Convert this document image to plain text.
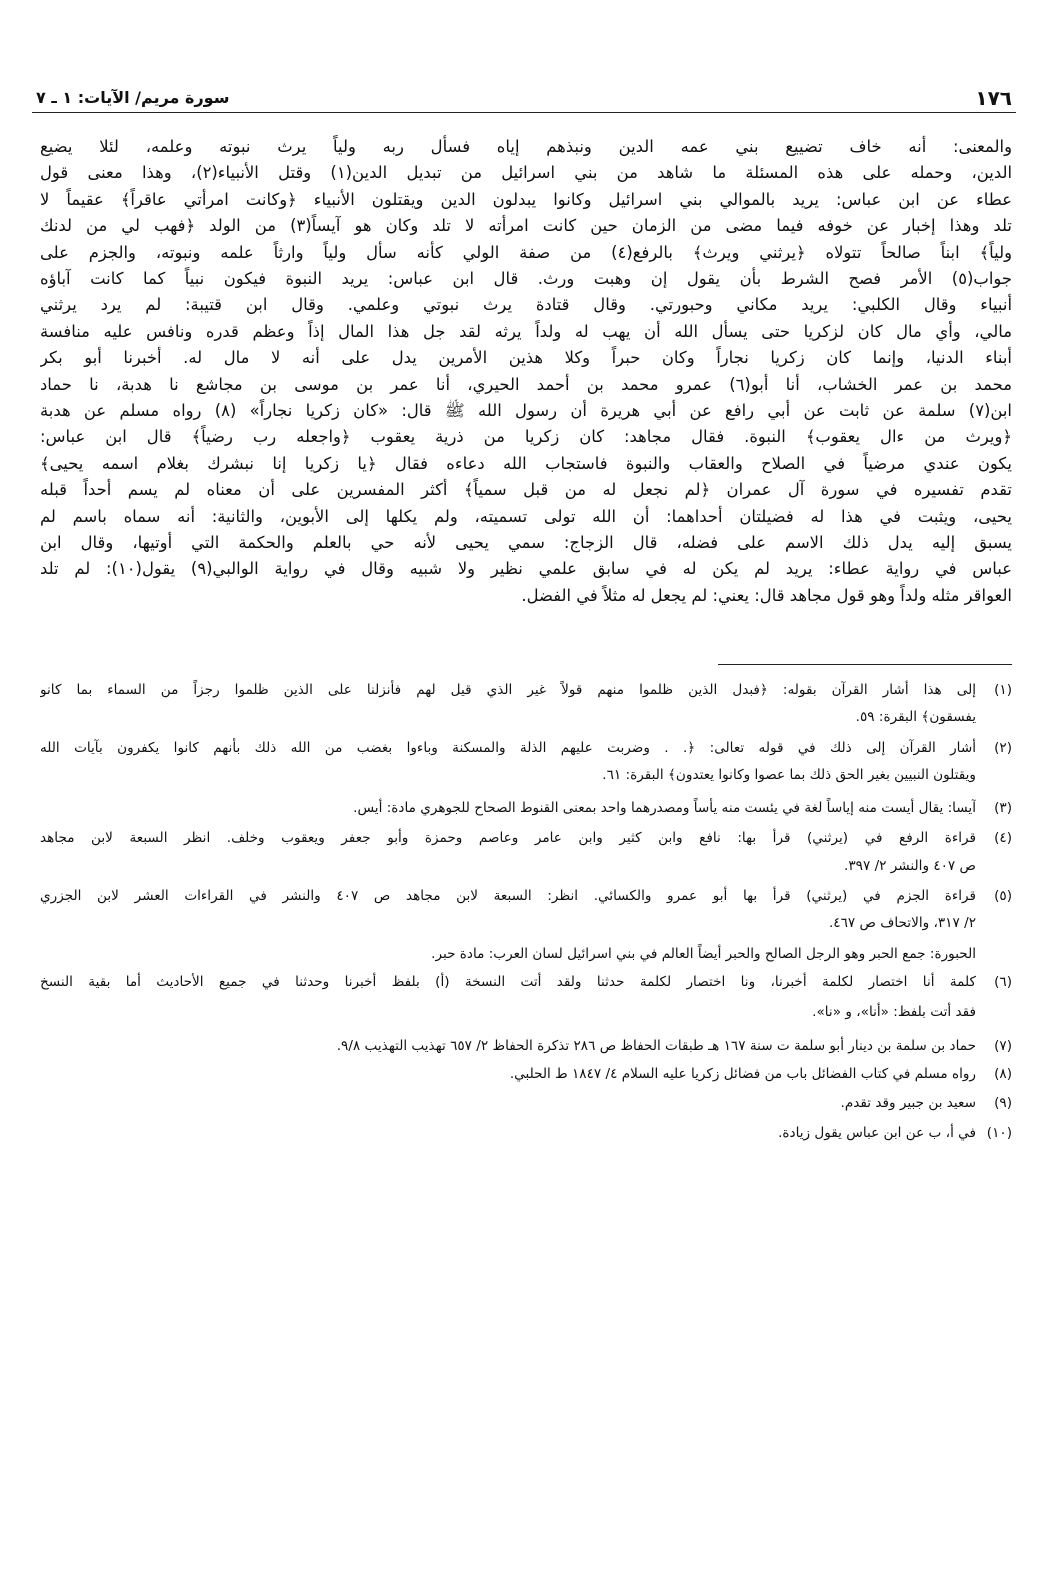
١٧٦
سورة مريم/ الآيات: ١ ـ ٧
والمعنى: أنه خاف تضييع بني عمه الدين ونبذهم إياه فسأل ربه ولياً يرث نبوته وعلمه، لئلا يضيع
الدين، وحمله على هذه المسئلة ما شاهد من بني اسرائيل من تبديل الدين(١) وقتل الأنبياء(٢)، وهذا معنى قول
عطاء عن ابن عباس: يريد بالموالي بني اسرائيل وكانوا يبدلون الدين ويقتلون الأنبياء ﴿وكانت امرأتي عاقراً﴾ عقيماً لا
تلد وهذا إخبار عن خوفه فيما مضى من الزمان حين كانت امرأته لا تلد وكان هو آيساً(٣) من الولد ﴿فهب لي من لدنك
ولياً﴾ ابناً صالحاً تتولاه ﴿يرثني ويرث﴾ بالرفع(٤) من صفة الولي كأنه سأل ولياً وارثاً علمه ونبوته، والجزم على
جواب(٥) الأمر فصح الشرط بأن يقول إن وهبت ورث. قال ابن عباس: يريد النبوة فيكون نبياً كما كانت آباؤه
أنبياء وقال الكلبي: يريد مكاني وحبورتي. وقال قتادة يرث نبوتي وعلمي. وقال ابن قتيبة: لم يرد يرثني
مالي، وأي مال كان لزكريا حتى يسأل الله أن يهب له ولداً يرثه لقد جل هذا المال إذاً وعظم قدره ونافس عليه منافسة
أبناء الدنيا، وإنما كان زكريا نجاراً وكان حبراً وكلا هذين الأمرين يدل على أنه لا مال له. أخبرنا أبو بكر
محمد بن عمر الخشاب، أنا أبو(٦) عمرو محمد بن أحمد الحيري، أنا عمر بن موسى بن مجاشع نا هدبة، نا حماد
ابن(٧) سلمة عن ثابت عن أبي رافع عن أبي هريرة أن رسول الله ﷺ قال: «كان زكريا نجاراً» (٨) رواه مسلم عن هدبة
﴿ويرث من ءال يعقوب﴾ النبوة. فقال مجاهد: كان زكريا من ذرية يعقوب ﴿واجعله رب رضياً﴾ قال ابن عباس:
يكون عندي مرضياً في الصلاح والعقاب والنبوة فاستجاب الله دعاءه فقال ﴿يا زكريا إنا نبشرك بغلام اسمه يحيى﴾
تقدم تفسيره في سورة آل عمران ﴿لم نجعل له من قبل سمياً﴾ أكثر المفسرين على أن معناه لم يسم أحداً قبله
يحيى، ويثبت في هذا له فضيلتان أحداهما: أن الله تولى تسميته، ولم يكلها إلى الأبوين، والثانية: أنه سماه باسم لم
يسبق إليه يدل ذلك الاسم على فضله، قال الزجاج: سمي يحيى لأنه حي بالعلم والحكمة التي أوتيها، وقال ابن
عباس في رواية عطاء: يريد لم يكن له في سابق علمي نظير ولا شبيه وقال في رواية الوالبي(٩) يقول(١٠): لم تلد
العواقر مثله ولداً وهو قول مجاهد قال: يعني: لم يجعل له مثلاً في الفضل.
(١)
إلى هذا أشار القرآن بقوله: ﴿فبدل الذين ظلموا منهم قولاً غير الذي قيل لهم فأنزلنا على الذين ظلموا رجزاً من السماء بما كانو
يفسقون﴾ البقرة: ٥٩.
(٢)
أشار القرآن إلى ذلك في قوله تعالى: ﴿. . وضربت عليهم الذلة والمسكنة وباءوا بغضب من الله ذلك بأنهم كانوا يكفرون بآيات الله
ويقتلون النبيين بغير الحق ذلك بما عصوا وكانوا يعتدون﴾ البقرة: ٦١.
(٣)
آيسا: يقال أيست منه إياساً لغة في يئست منه يأساً ومصدرهما واحد بمعنى القنوط الصحاح للجوهري مادة: أيس.
(٤)
قراءة الرفع في (يرثني) قرأ بها: نافع وابن كثير وابن عامر وعاصم وحمزة وأبو جعفر ويعقوب وخلف. انظر السبعة لابن مجاهد
ص ٤٠٧ والنشر ٢/ ٣٩٧.
(٥)
قراءة الجزم في (يرثني) قرأ بها أبو عمرو والكسائي. انظر: السبعة لابن مجاهد ص ٤٠٧ والنشر في القراءات العشر لابن الجزري
٢/ ٣١٧، والاتحاف ص ٤٦٧.
الحبورة: جمع الحبر وهو الرجل الصالح والحبر أيضاً العالم في بني اسرائيل لسان العرب: مادة حبر.
(٦)
كلمة أنا اختصار لكلمة أخبرنا، ونا اختصار لكلمة حدثنا ولقد أتت النسخة (أ) بلفظ أخبرنا وحدثنا في جميع الأحاديث أما بقية النسخ
فقد أتت بلفظ: «أنا»، و «نا».
(٧)
حماد بن سلمة بن دينار أبو سلمة ت سنة ١٦٧ هـ طبقات الحفاظ ص ٢٨٦ تذكرة الحفاظ ٢/ ٦٥٧ تهذيب التهذيب ٩/٨.
(٨)
رواه مسلم في كتاب الفضائل باب من فضائل زكريا عليه السلام ٤/ ١٨٤٧ ط الحلبي.
(٩)
سعيد بن جبير وقد تقدم.
(١٠)
في أ، ب عن ابن عباس يقول زيادة.
